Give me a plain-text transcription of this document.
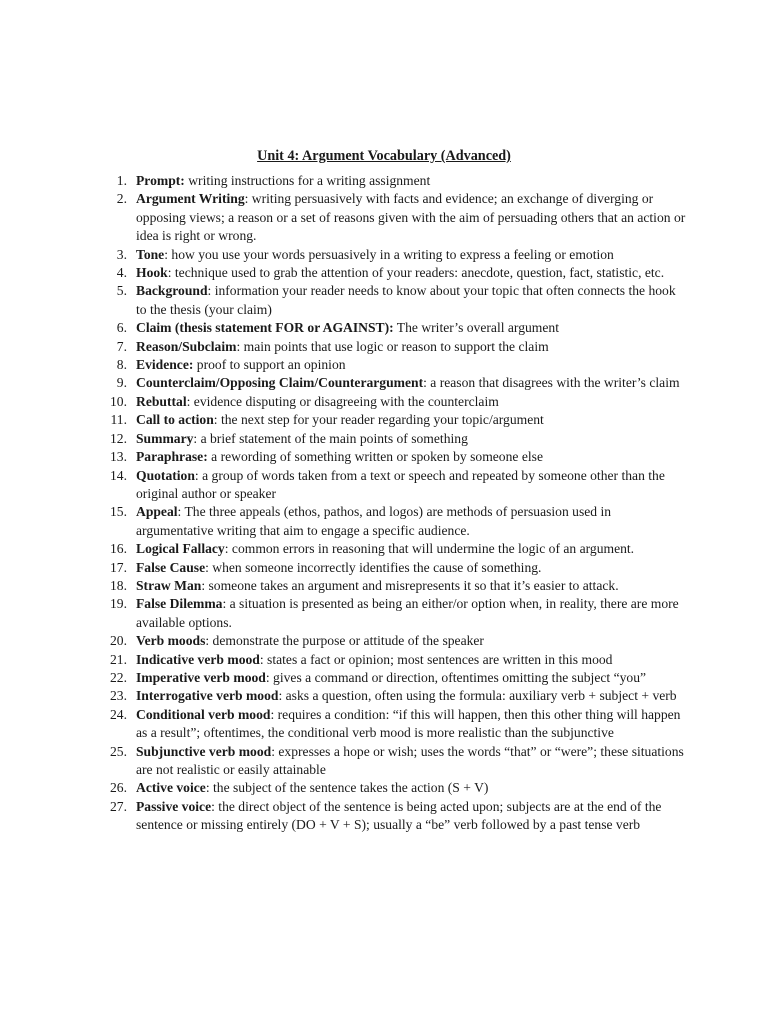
Unit 4: Argument Vocabulary (Advanced)
1. Prompt: writing instructions for a writing assignment
2. Argument Writing: writing persuasively with facts and evidence; an exchange of diverging or opposing views; a reason or a set of reasons given with the aim of persuading others that an action or idea is right or wrong.
3. Tone: how you use your words persuasively in a writing to express a feeling or emotion
4. Hook: technique used to grab the attention of your readers: anecdote, question, fact, statistic, etc.
5. Background: information your reader needs to know about your topic that often connects the hook to the thesis (your claim)
6. Claim (thesis statement FOR or AGAINST): The writer’s overall argument
7. Reason/Subclaim: main points that use logic or reason to support the claim
8. Evidence: proof to support an opinion
9. Counterclaim/Opposing Claim/Counterargument: a reason that disagrees with the writer’s claim
10. Rebuttal: evidence disputing or disagreeing with the counterclaim
11. Call to action: the next step for your reader regarding your topic/argument
12. Summary: a brief statement of the main points of something
13. Paraphrase: a rewording of something written or spoken by someone else
14. Quotation: a group of words taken from a text or speech and repeated by someone other than the original author or speaker
15. Appeal: The three appeals (ethos, pathos, and logos) are methods of persuasion used in argumentative writing that aim to engage a specific audience.
16. Logical Fallacy: common errors in reasoning that will undermine the logic of an argument.
17. False Cause: when someone incorrectly identifies the cause of something.
18. Straw Man: someone takes an argument and misrepresents it so that it’s easier to attack.
19. False Dilemma: a situation is presented as being an either/or option when, in reality, there are more available options.
20. Verb moods: demonstrate the purpose or attitude of the speaker
21. Indicative verb mood: states a fact or opinion; most sentences are written in this mood
22. Imperative verb mood: gives a command or direction, oftentimes omitting the subject “you”
23. Interrogative verb mood: asks a question, often using the formula: auxiliary verb + subject + verb
24. Conditional verb mood: requires a condition: “if this will happen, then this other thing will happen as a result”; oftentimes, the conditional verb mood is more realistic than the subjunctive
25. Subjunctive verb mood: expresses a hope or wish; uses the words “that” or “were”; these situations are not realistic or easily attainable
26. Active voice: the subject of the sentence takes the action (S + V)
27. Passive voice: the direct object of the sentence is being acted upon; subjects are at the end of the sentence or missing entirely (DO + V + S); usually a “be” verb followed by a past tense verb
